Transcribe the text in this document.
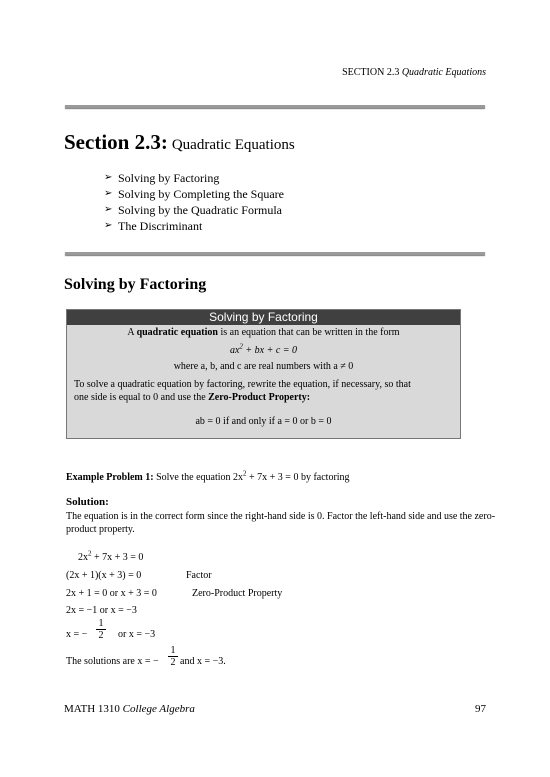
SECTION 2.3 Quadratic Equations
Section 2.3: Quadratic Equations
➢ Solving by Factoring
➢ Solving by Completing the Square
➢ Solving by the Quadratic Formula
➢ The Discriminant
Solving by Factoring
Solving by Factoring
A quadratic equation is an equation that can be written in the form
$ax^2$ + bx + c = 0
where a, b, and c are real numbers with a ≠ 0
To solve a quadratic equation by factoring, rewrite the equation, if necessary, so that
one side is equal to 0 and use the Zero-Product Property:
ab = 0 if and only if a = 0 or b = 0
Example Problem 1: Solve the equation $2x^2 + 7x + 3 = 0$ by factoring
Solution:
The equation is in the correct form since the right-hand side is 0. Factor the left-hand side and use the zero-product property.
$2x^2 + 7x + 3 = 0$
(2x + 1)(x + 3) = 0	Factor
2x + 1 = 0 or x + 3 = 0	Zero-Product Property
2x = −1 or x = −3
x = −
1
2 or x = −3
The solutions are x = −
1
2 and x = −3.
MATH 1310 College Algebra	97
